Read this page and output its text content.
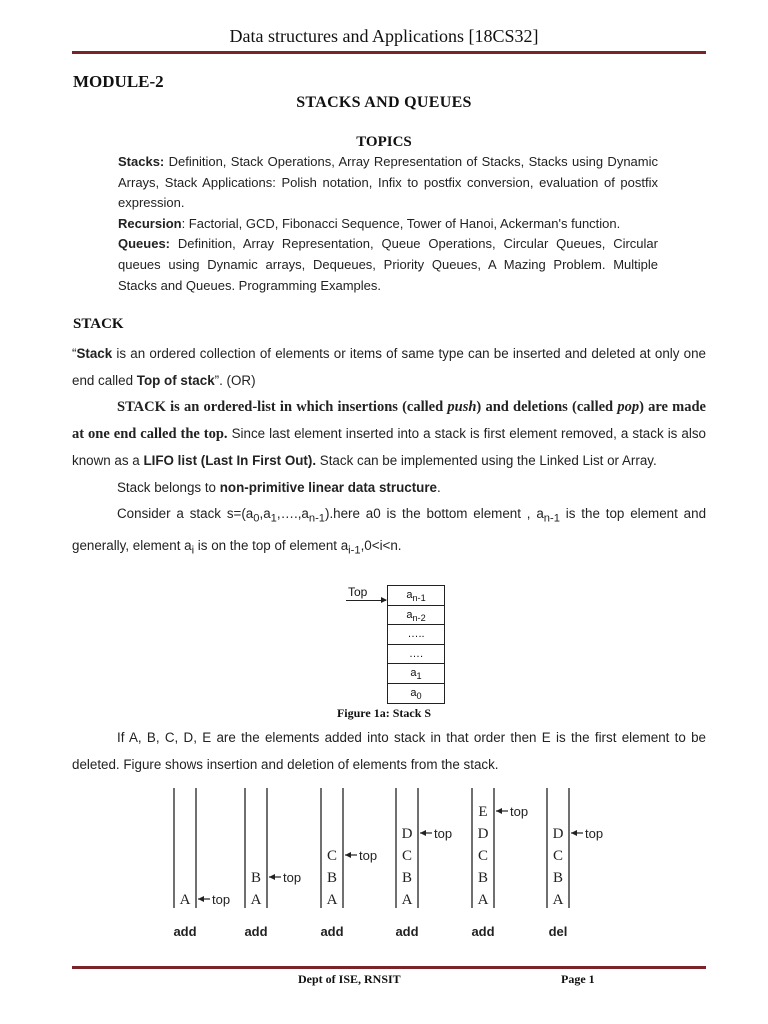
Data structures and Applications [18CS32]
MODULE-2
STACKS AND QUEUES
TOPICS

Stacks: Definition, Stack Operations, Array Representation of Stacks, Stacks using Dynamic Arrays, Stack Applications: Polish notation, Infix to postfix conversion, evaluation of postfix expression.

Recursion: Factorial, GCD, Fibonacci Sequence, Tower of Hanoi, Ackerman's function.

Queues: Definition, Array Representation, Queue Operations, Circular Queues, Circular queues using Dynamic arrays, Dequeues, Priority Queues, A Mazing Problem. Multiple Stacks and Queues. Programming Examples.

STACK

“Stack is an ordered collection of elements or items of same type can be inserted and deleted at only one end called Top of stack”. (OR)

STACK is an ordered-list in which insertions (called push) and deletions (called pop) are made at one end called the top. Since last element inserted into a stack is first element removed, a stack is also known as a LIFO list (Last In First Out). Stack can be implemented using the Linked List or Array.

Stack belongs to non-primitive linear data structure.

Consider a stack $s=(a_0,a_1,\dots.,a_{n-1}).here$ a0 is the bottom element , $a_{n-1}$ is the top element and generally, element $a_i$ is on the top of element $a_{i-1},0<i<n$.

Top	$a_{n-1}$
$a_{n-2}$
…..
….
$a_1$
$a_0$
Figure 1a: Stack S

If A, B, C, D, E are the elements added into stack in that order then E is the first element to be deleted. Figure shows insertion and deletion of elements from the stack.

A top
add
B
A
top
add
C
B
A
top
add
D
C
B
A
top
add
E
D
C
B
A
top
add
D
C
B
A
top
del
Dept of ISE, RNSIT	Page 1
